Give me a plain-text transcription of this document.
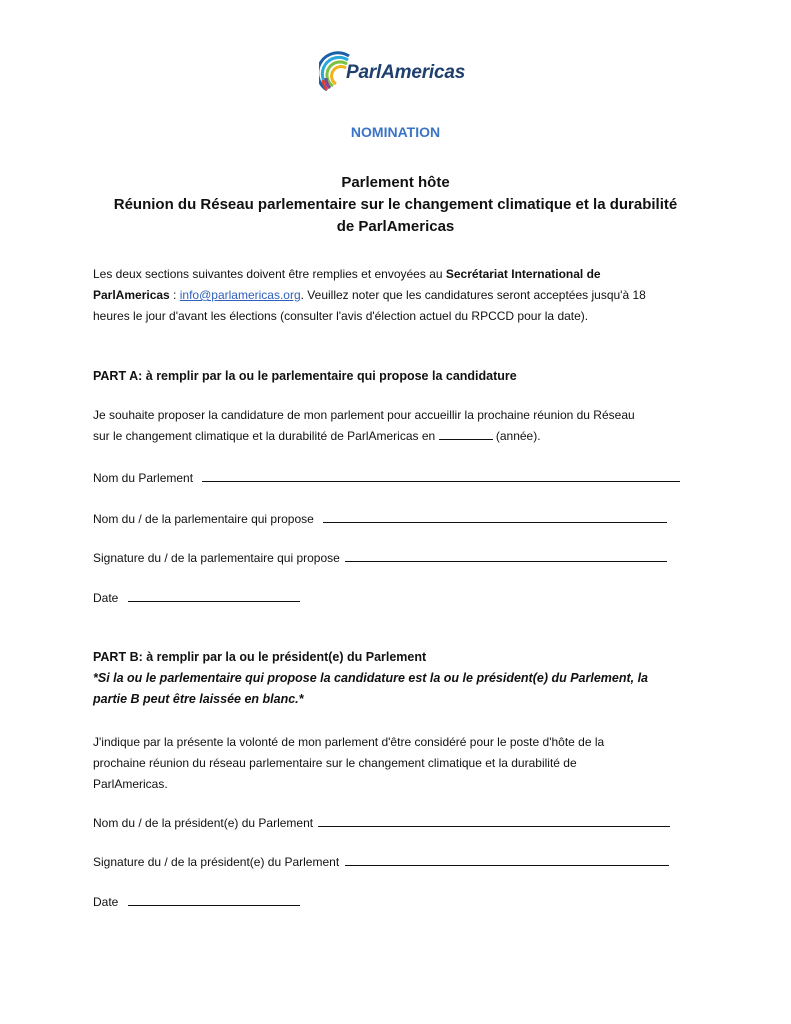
ParlAmericas
NOMINATION
Parlement hôte
Réunion du Réseau parlementaire sur le changement climatique et la durabilité
de ParlAmericas
Les deux sections suivantes doivent être remplies et envoyées au Secrétariat International de
ParlAmericas : info@parlamericas.org. Veuillez noter que les candidatures seront acceptées jusqu'à 18
heures le jour d'avant les élections (consulter l'avis d'élection actuel du RPCCD pour la date).
PART A: à remplir par la ou le parlementaire qui propose la candidature
Je souhaite proposer la candidature de mon parlement pour accueillir la prochaine réunion du Réseau
sur le changement climatique et la durabilité de ParlAmericas en	(année).
Nom du Parlement
Nom du / de la parlementaire qui propose
Signature du / de la parlementaire qui propose
Date
PART B: à remplir par la ou le président(e) du Parlement
*Si la ou le parlementaire qui propose la candidature est la ou le président(e) du Parlement, la
partie B peut être laissée en blanc.*
J'indique par la présente la volonté de mon parlement d'être considéré pour le poste d'hôte de la
prochaine réunion du réseau parlementaire sur le changement climatique et la durabilité de
ParlAmericas.
Nom du / de la président(e) du Parlement
Signature du / de la président(e) du Parlement
Date
